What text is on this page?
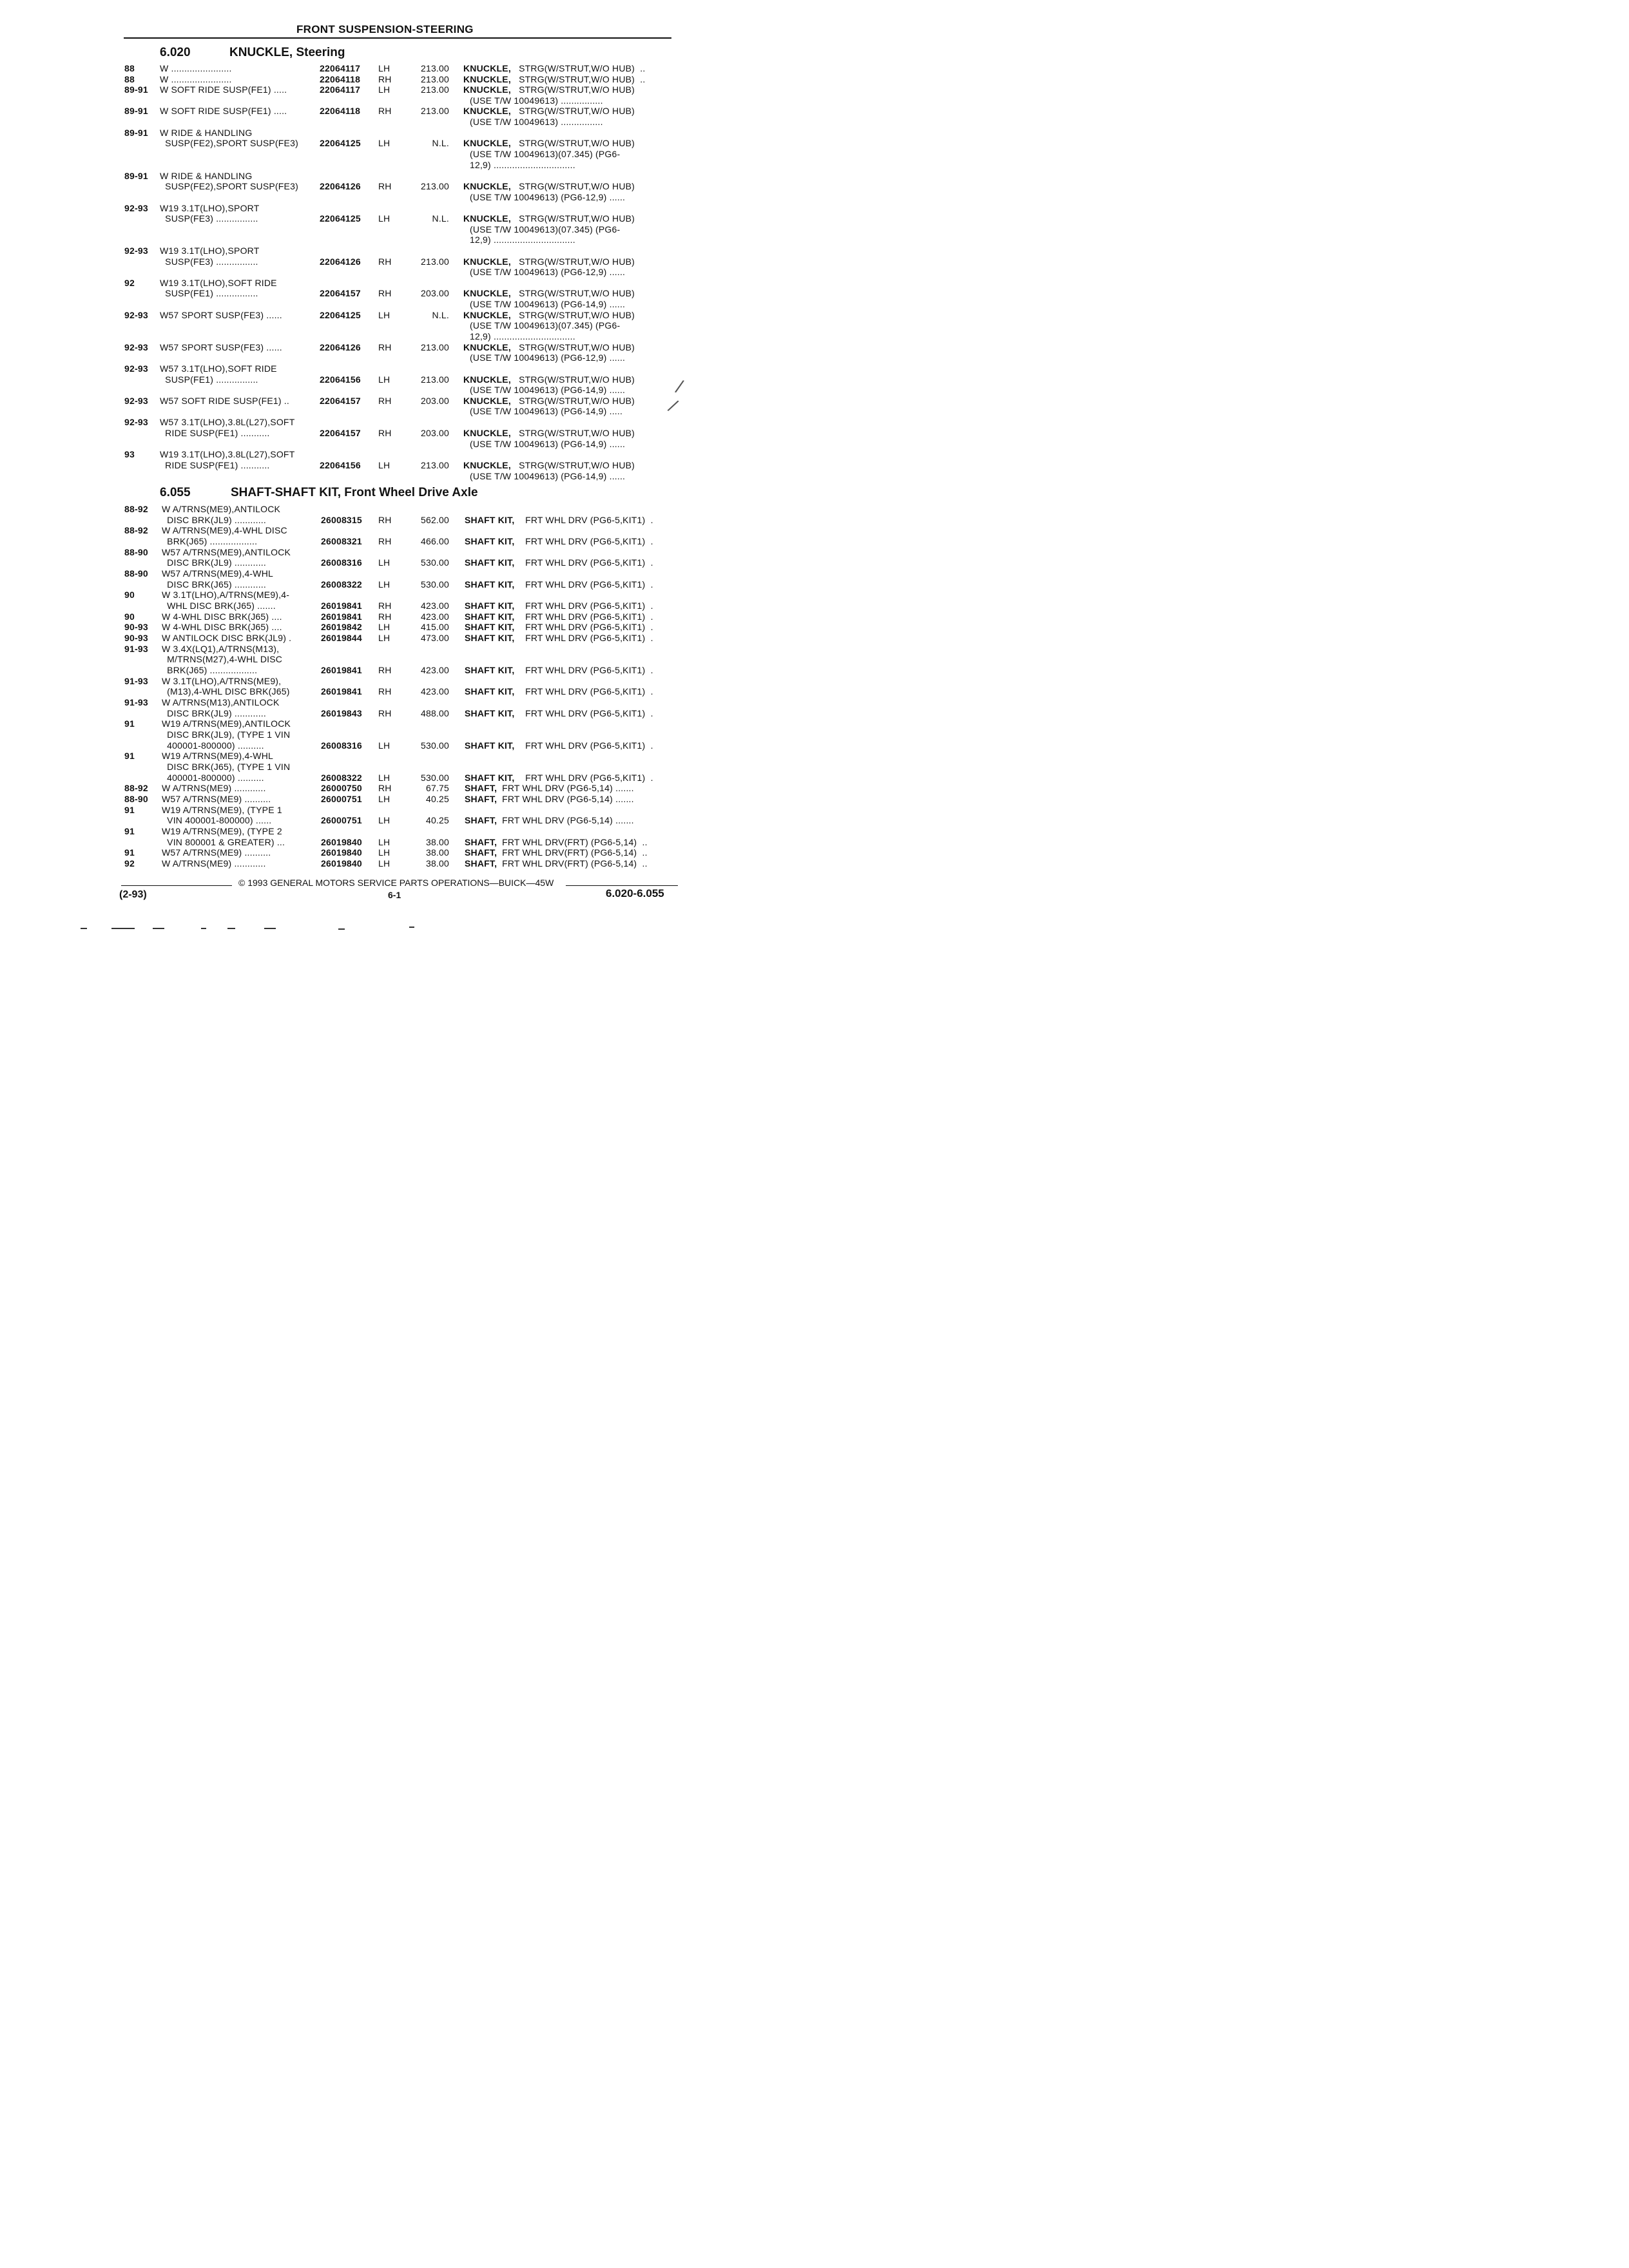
FRONT SUSPENSION-STEERING
6.020	KNUCKLE, Steering
6.055	SHAFT-SHAFT KIT, Front Wheel Drive Axle
88	W .......................	22064117 LH	213.00 KNUCKLE, STRG(W/STRUT,W/O HUB)  ..
88	W .......................	22064118 RH	213.00 KNUCKLE, STRG(W/STRUT,W/O HUB)  ..
89-91 W SOFT RIDE SUSP(FE1) .....	22064117 LH	213.00 KNUCKLE, STRG(W/STRUT,W/O HUB)
(USE T/W 10049613) ................
89-91 W SOFT RIDE SUSP(FE1) .....	22064118 RH	213.00 KNUCKLE, STRG(W/STRUT,W/O HUB)
(USE T/W 10049613) ................
89-91 W RIDE & HANDLING
SUSP(FE2),SPORT SUSP(FE3) 22064125 LH	N.L. KNUCKLE, STRG(W/STRUT,W/O HUB)
(USE T/W 10049613)(07.345) (PG6-
12,9) ...............................
89-91 W RIDE & HANDLING
SUSP(FE2),SPORT SUSP(FE3) 22064126 RH	213.00 KNUCKLE, STRG(W/STRUT,W/O HUB)
(USE T/W 10049613) (PG6-12,9) ......
92-93 W19 3.1T(LHO),SPORT
SUSP(FE3) ................	22064125 LH	N.L. KNUCKLE, STRG(W/STRUT,W/O HUB)
(USE T/W 10049613)(07.345) (PG6-
12,9) ...............................
92-93 W19 3.1T(LHO),SPORT
SUSP(FE3) ................	22064126 RH	213.00 KNUCKLE, STRG(W/STRUT,W/O HUB)
(USE T/W 10049613) (PG6-12,9) ......
92	W19 3.1T(LHO),SOFT RIDE
SUSP(FE1) ................	22064157 RH	203.00 KNUCKLE, STRG(W/STRUT,W/O HUB)
(USE T/W 10049613) (PG6-14,9) ......
92-93 W57 SPORT SUSP(FE3) ......	22064125 LH	N.L. KNUCKLE, STRG(W/STRUT,W/O HUB)
(USE T/W 10049613)(07.345) (PG6-
12,9) ...............................
92-93 W57 SPORT SUSP(FE3) ......	22064126 RH	213.00 KNUCKLE, STRG(W/STRUT,W/O HUB)
(USE T/W 10049613) (PG6-12,9) ......
92-93 W57 3.1T(LHO),SOFT RIDE
SUSP(FE1) ................	22064156 LH	213.00 KNUCKLE, STRG(W/STRUT,W/O HUB)
(USE T/W 10049613) (PG6-14,9) ......
92-93 W57 SOFT RIDE SUSP(FE1) ..	22064157 RH	203.00 KNUCKLE, STRG(W/STRUT,W/O HUB)
(USE T/W 10049613) (PG6-14,9) .....
92-93 W57 3.1T(LHO),3.8L(L27),SOFT
RIDE SUSP(FE1) ...........	22064157 RH	203.00 KNUCKLE, STRG(W/STRUT,W/O HUB)
(USE T/W 10049613) (PG6-14,9) ......
93	W19 3.1T(LHO),3.8L(L27),SOFT
RIDE SUSP(FE1) ...........	22064156 LH	213.00 KNUCKLE, STRG(W/STRUT,W/O HUB)
(USE T/W 10049613) (PG6-14,9) ......
88-92 W A/TRNS(ME9),ANTILOCK
DISC BRK(JL9) ............	26008315 RH	562.00 SHAFT KIT, FRT WHL DRV (PG6-5,KIT1)  .
88-92 W A/TRNS(ME9),4-WHL DISC
BRK(J65) ..................	26008321 RH	466.00 SHAFT KIT, FRT WHL DRV (PG6-5,KIT1)  .
88-90 W57 A/TRNS(ME9),ANTILOCK
DISC BRK(JL9) ............	26008316 LH	530.00 SHAFT KIT, FRT WHL DRV (PG6-5,KIT1)  .
88-90 W57 A/TRNS(ME9),4-WHL
DISC BRK(J65) ............	26008322 LH	530.00 SHAFT KIT, FRT WHL DRV (PG6-5,KIT1)  .
90	W 3.1T(LHO),A/TRNS(ME9),4-
WHL DISC BRK(J65) .......	26019841 RH	423.00 SHAFT KIT, FRT WHL DRV (PG6-5,KIT1)  .
90	W 4-WHL DISC BRK(J65) ....	26019841 RH	423.00 SHAFT KIT, FRT WHL DRV (PG6-5,KIT1)  .
90-93 W 4-WHL DISC BRK(J65) ....	26019842 LH	415.00 SHAFT KIT, FRT WHL DRV (PG6-5,KIT1)  .
90-93 W ANTILOCK DISC BRK(JL9) .	26019844 LH	473.00 SHAFT KIT, FRT WHL DRV (PG6-5,KIT1)  .
91-93 W 3.4X(LQ1),A/TRNS(M13),
M/TRNS(M27),4-WHL DISC
BRK(J65) ..................	26019841 RH	423.00 SHAFT KIT, FRT WHL DRV (PG6-5,KIT1)  .
91-93 W 3.1T(LHO),A/TRNS(ME9),
(M13),4-WHL DISC BRK(J65)	26019841 RH	423.00 SHAFT KIT, FRT WHL DRV (PG6-5,KIT1)  .
91-93 W A/TRNS(M13),ANTILOCK
DISC BRK(JL9) ............	26019843 RH	488.00 SHAFT KIT, FRT WHL DRV (PG6-5,KIT1)  .
91	W19 A/TRNS(ME9),ANTILOCK
DISC BRK(JL9), (TYPE 1 VIN
400001-800000) ..........	26008316 LH	530.00 SHAFT KIT, FRT WHL DRV (PG6-5,KIT1)  .
91	W19 A/TRNS(ME9),4-WHL
DISC BRK(J65), (TYPE 1 VIN
400001-800000) ..........	26008322 LH	530.00 SHAFT KIT, FRT WHL DRV (PG6-5,KIT1)  .
88-92 W A/TRNS(ME9) ............	26000750 RH	67.75 SHAFT, FRT WHL DRV (PG6-5,14) .......
88-90 W57 A/TRNS(ME9) ..........	26000751 LH	40.25 SHAFT, FRT WHL DRV (PG6-5,14) .......
91	W19 A/TRNS(ME9), (TYPE 1
VIN 400001-800000) ......	26000751 LH	40.25 SHAFT, FRT WHL DRV (PG6-5,14) .......
91	W19 A/TRNS(ME9), (TYPE 2
VIN 800001 & GREATER) ...	26019840 LH	38.00 SHAFT, FRT WHL DRV(FRT) (PG6-5,14)  ..
91	W57 A/TRNS(ME9) ..........	26019840 LH	38.00 SHAFT, FRT WHL DRV(FRT) (PG6-5,14)  ..
92	W A/TRNS(ME9) ............	26019840 LH	38.00 SHAFT, FRT WHL DRV(FRT) (PG6-5,14)  ..
© 1993 GENERAL MOTORS SERVICE PARTS OPERATIONS—BUICK—45W
(2-93)	6-1	6.020-6.055
/
/
